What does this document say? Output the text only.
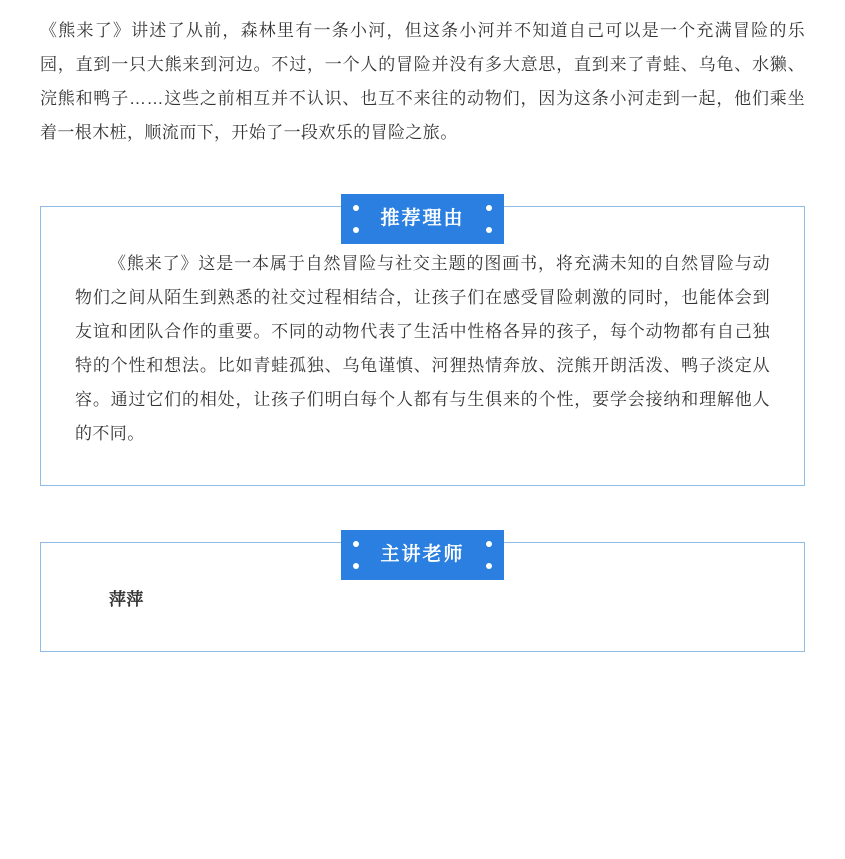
《熊来了》讲述了从前，森林里有一条小河，但这条小河并不知道自己可以是一个充满冒险的乐园，直到一只大熊来到河边。不过，一个人的冒险并没有多大意思，直到来了青蛙、乌龟、水獭、浣熊和鸭子……这些之前相互并不认识、也互不来往的动物们，因为这条小河走到一起，他们乘坐着一根木桩，顺流而下，开始了一段欢乐的冒险之旅。
推荐理由

《熊来了》这是一本属于自然冒险与社交主题的图画书，将充满未知的自然冒险与动物们之间从陌生到熟悉的社交过程相结合，让孩子们在感受冒险刺激的同时，也能体会到友谊和团队合作的重要。不同的动物代表了生活中性格各异的孩子，每个动物都有自己独特的个性和想法。比如青蛙孤独、乌龟谨慎、河狸热情奔放、浣熊开朗活泼、鸭子淡定从容。通过它们的相处，让孩子们明白每个人都有与生俱来的个性，要学会接纳和理解他人的不同。

主讲老师

萍萍
